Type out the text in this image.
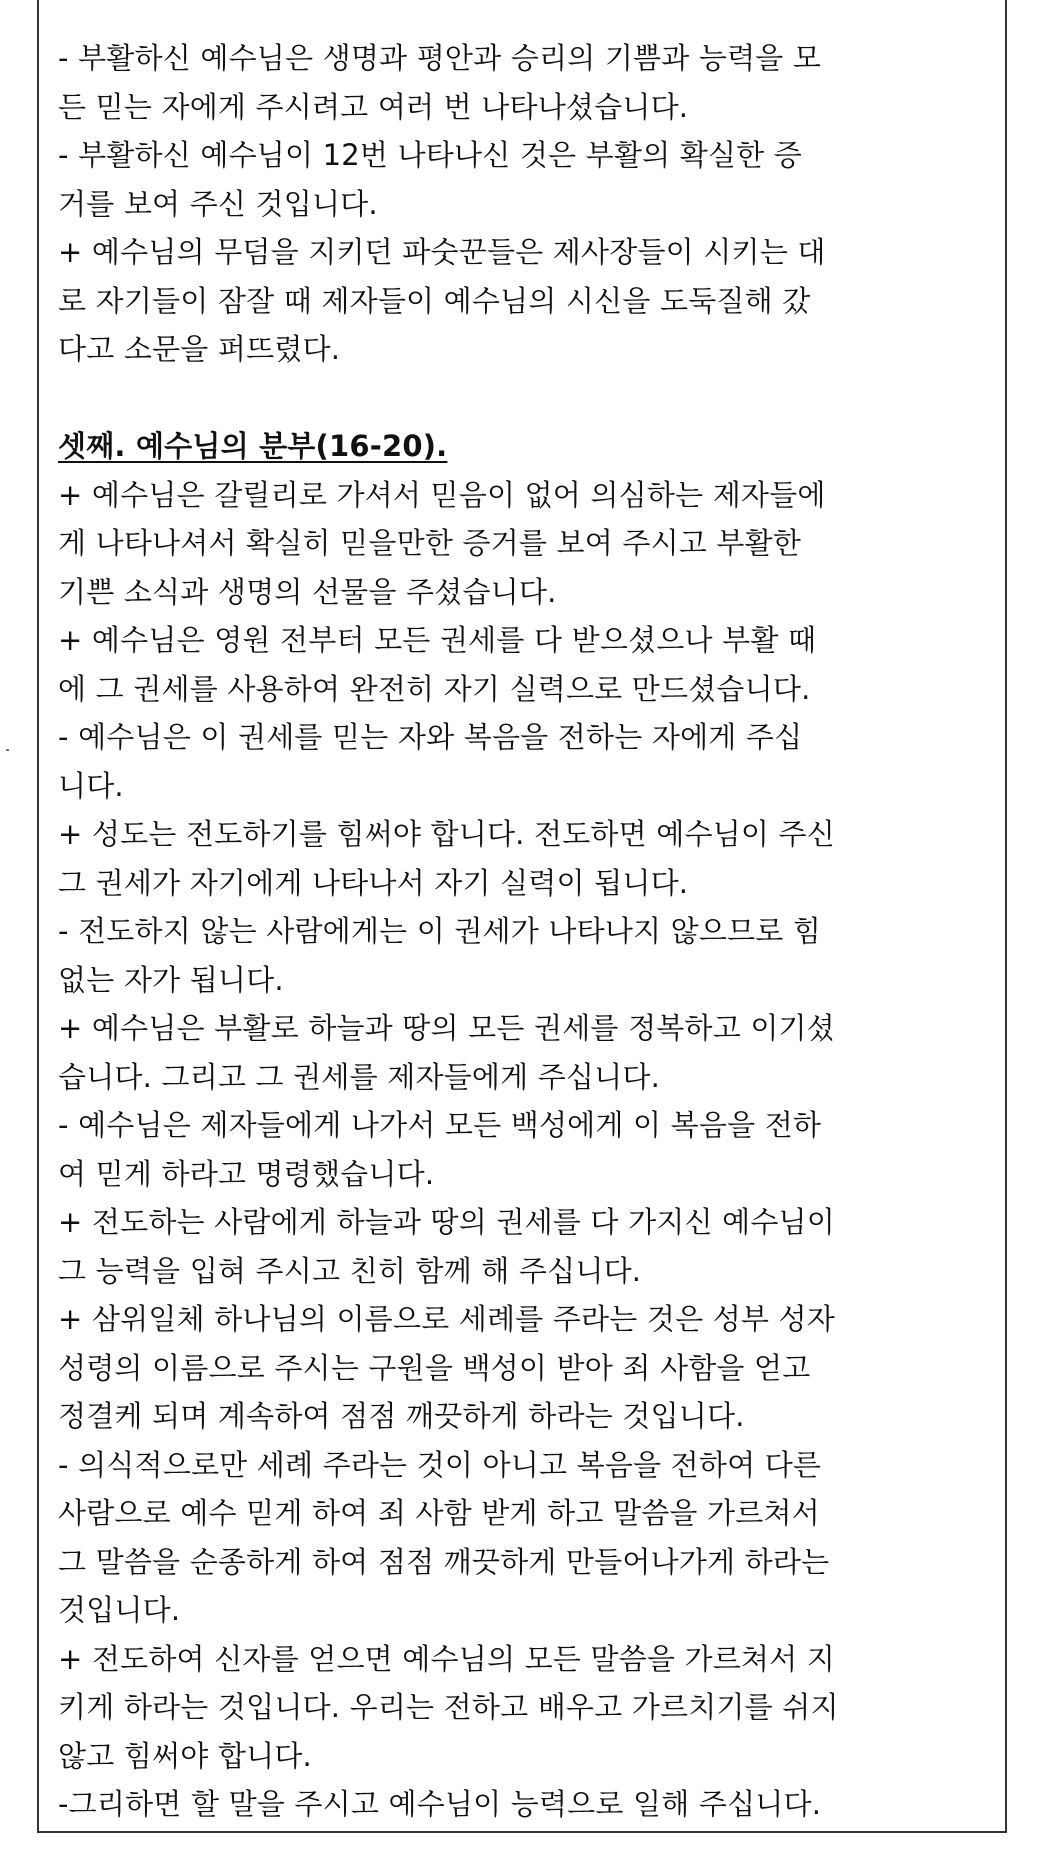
- 부활하신 예수님은 생명과 평안과 승리의 기쁨과 능력을 모
든 믿는 자에게 주시려고 여러 번 나타나셨습니다.
- 부활하신 예수님이 12번 나타나신 것은 부활의 확실한 증
거를 보여 주신 것입니다.
+ 예수님의 무덤을 지키던 파숫꾼들은 제사장들이 시키는 대
로 자기들이 잠잘 때 제자들이 예수님의 시신을 도둑질해 갔
다고 소문을 퍼뜨렸다.
셋째. 예수님의 분부(16-20).
+ 예수님은 갈릴리로 가셔서 믿음이 없어 의심하는 제자들에
게 나타나셔서 확실히 믿을만한 증거를 보여 주시고 부활한
기쁜 소식과 생명의 선물을 주셨습니다.
+ 예수님은 영원 전부터 모든 권세를 다 받으셨으나 부활 때
에 그 권세를 사용하여 완전히 자기 실력으로 만드셨습니다.
- 예수님은 이 권세를 믿는 자와 복음을 전하는 자에게 주십
니다.
+ 성도는 전도하기를 힘써야 합니다. 전도하면 예수님이 주신
그 권세가 자기에게 나타나서 자기 실력이 됩니다.
- 전도하지 않는 사람에게는 이 권세가 나타나지 않으므로 힘
없는 자가 됩니다.
+ 예수님은 부활로 하늘과 땅의 모든 권세를 정복하고 이기셨
습니다. 그리고 그 권세를 제자들에게 주십니다.
- 예수님은 제자들에게 나가서 모든 백성에게 이 복음을 전하
여 믿게 하라고 명령했습니다.
+ 전도하는 사람에게 하늘과 땅의 권세를 다 가지신 예수님이
그 능력을 입혀 주시고 친히 함께 해 주십니다.
+ 삼위일체 하나님의 이름으로 세례를 주라는 것은 성부 성자
성령의 이름으로 주시는 구원을 백성이 받아 죄 사함을 얻고
정결케 되며 계속하여 점점 깨끗하게 하라는 것입니다.
- 의식적으로만 세례 주라는 것이 아니고 복음을 전하여 다른
사람으로 예수 믿게 하여 죄 사함 받게 하고 말씀을 가르쳐서
그 말씀을 순종하게 하여 점점 깨끗하게 만들어나가게 하라는
것입니다.
+ 전도하여 신자를 얻으면 예수님의 모든 말씀을 가르쳐서 지
키게 하라는 것입니다. 우리는 전하고 배우고 가르치기를 쉬지
않고 힘써야 합니다.
-그리하면 할 말을 주시고 예수님이 능력으로 일해 주십니다.
